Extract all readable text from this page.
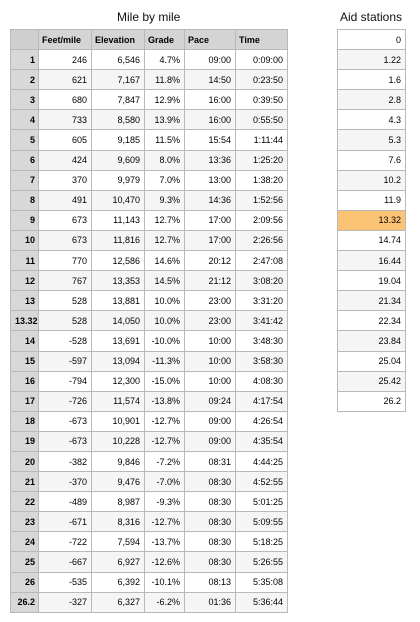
Mile by mile	Aid stations
	Feet/mile	Elevation	Grade	Pace	Time
1	246	6,546	4.7%	09:00	0:09:00
2	621	7,167	11.8%	14:50	0:23:50
3	680	7,847	12.9%	16:00	0:39:50
4	733	8,580	13.9%	16:00	0:55:50
5	605	9,185	11.5%	15:54	1:11:44
6	424	9,609	8.0%	13:36	1:25:20
7	370	9,979	7.0%	13:00	1:38:20
8	491	10,470	9.3%	14:36	1:52:56
9	673	11,143	12.7%	17:00	2:09:56
10	673	11,816	12.7%	17:00	2:26:56
11	770	12,586	14.6%	20:12	2:47:08
12	767	13,353	14.5%	21:12	3:08:20
13	528	13,881	10.0%	23:00	3:31:20
13.32	528	14,050	10.0%	23:00	3:41:42
14	-528	13,691	-10.0%	10:00	3:48:30
15	-597	13,094	-11.3%	10:00	3:58:30
16	-794	12,300	-15.0%	10:00	4:08:30
17	-726	11,574	-13.8%	09:24	4:17:54
18	-673	10,901	-12.7%	09:00	4:26:54
19	-673	10,228	-12.7%	09:00	4:35:54
20	-382	9,846	-7.2%	08:31	4:44:25
21	-370	9,476	-7.0%	08:30	4:52:55
22	-489	8,987	-9.3%	08:30	5:01:25
23	-671	8,316	-12.7%	08:30	5:09:55
24	-722	7,594	-13.7%	08:30	5:18:25
25	-667	6,927	-12.6%	08:30	5:26:55
26	-535	6,392	-10.1%	08:13	5:35:08
26.2	-327	6,327	-6.2%	01:36	5:36:44
0
1.22
1.6
2.8
4.3
5.3
7.6
10.2
11.9
13.32
14.74
16.44
19.04
21.34
22.34
23.84
25.04
25.42
26.2
